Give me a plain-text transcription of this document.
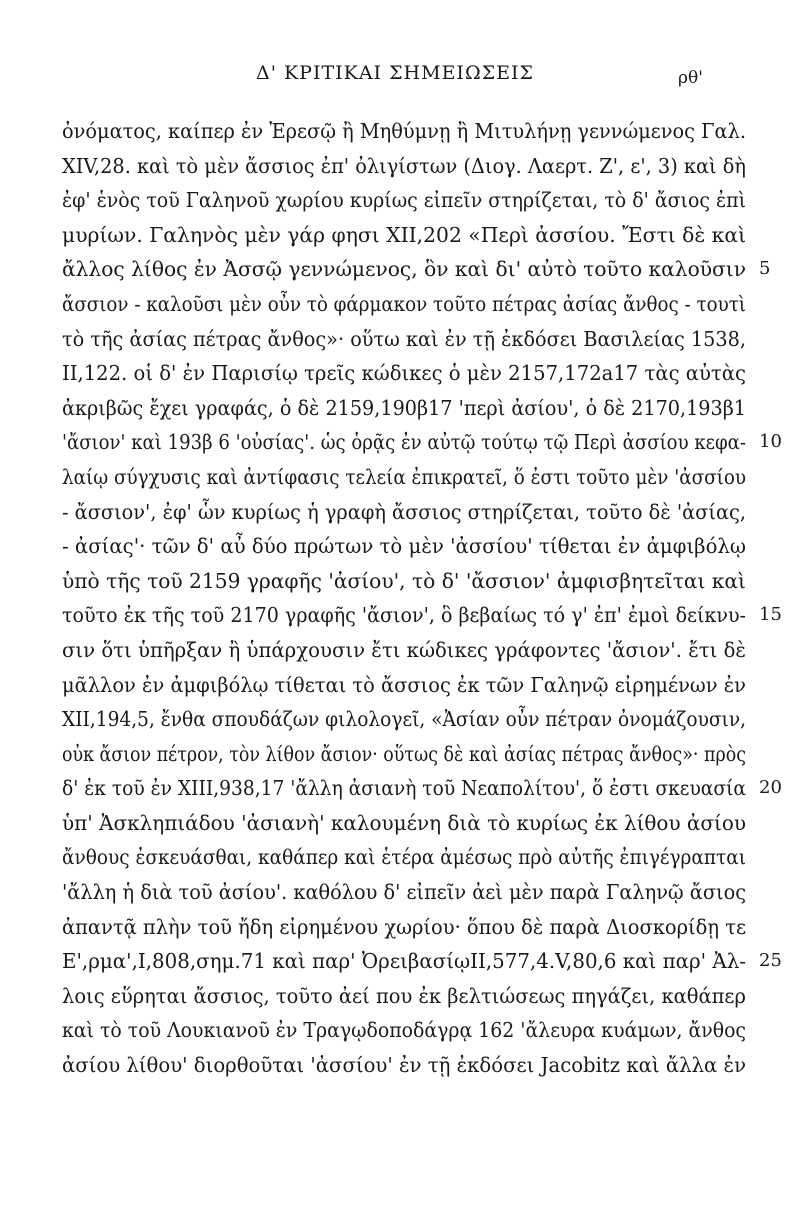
Δ' ΚΡΙΤΙΚΑΙ ΣΗΜΕΙΩΣΕΙΣ	ρθ'
ὀνόματος, καίπερ ἐν Ἐρεσῷ ἢ Μηθύμνῃ ἢ Μιτυλήνῃ γεννώμενος Γαλ.
XIV,28. καὶ τὸ μὲν ἄσσιος ἐπ' ὀλιγίστων (Διογ. Λαερτ. Ζ', ε', 3) καὶ δὴ
ἐφ' ἑνὸς τοῦ Γαληνοῦ χωρίου κυρίως εἰπεῖν στηρίζεται, τὸ δ' ἄσιος ἐπὶ
μυρίων. Γαληνὸς μὲν γάρ φησι XII,202 «Περὶ ἀσσίου. Ἔστι δὲ καὶ
ἄλλος λίθος ἐν Ἀσσῷ γεννώμενος, ὃν καὶ δι' αὐτὸ τοῦτο καλοῦσιν 5
ἄσσιον - καλοῦσι μὲν οὖν τὸ φάρμακον τοῦτο πέτρας ἀσίας ἄνθος - τουτὶ
τὸ τῆς ἀσίας πέτρας ἄνθος»· οὕτω καὶ ἐν τῇ ἐκδόσει Βασιλείας 1538,
II,122. οἱ δ' ἐν Παρισίῳ τρεῖς κώδικες ὁ μὲν 2157,172a17 τὰς αὐτὰς
ἀκριβῶς ἔχει γραφάς, ὁ δὲ 2159,190β17 'περὶ ἀσίου', ὁ δὲ 2170,193β1
'ἄσιον' καὶ 193β 6 'οὐσίας'. ὡς ὁρᾷς ἐν αὐτῷ τούτῳ τῷ Περὶ ἀσσίου κεφα- 10
λαίῳ σύγχυσις καὶ ἀντίφασις τελεία ἐπικρατεῖ, ὅ ἐστι τοῦτο μὲν 'ἀσσίου
- ἄσσιον', ἐφ' ὧν κυρίως ἡ γραφὴ ἄσσιος στηρίζεται, τοῦτο δὲ 'ἀσίας,
- ἀσίας'· τῶν δ' αὖ δύο πρώτων τὸ μὲν 'ἀσσίου' τίθεται ἐν ἀμφιβόλῳ
ὑπὸ τῆς τοῦ 2159 γραφῆς 'ἀσίου', τὸ δ' 'ἄσσιον' ἀμφισβητεῖται καὶ
τοῦτο ἐκ τῆς τοῦ 2170 γραφῆς 'ἄσιον', ὃ βεβαίως τό γ' ἐπ' ἐμοὶ δείκνυ- 15
σιν ὅτι ὑπῆρξαν ἢ ὑπάρχουσιν ἔτι κώδικες γράφοντες 'ἄσιον'. ἔτι δὲ
μᾶλλον ἐν ἀμφιβόλῳ τίθεται τὸ ἄσσιος ἐκ τῶν Γαληνῷ εἰρημένων ἐν
XII,194,5, ἔνθα σπουδάζων φιλολογεῖ, «Ἀσίαν οὖν πέτραν ὀνομάζουσιν,
οὐκ ἄσιον πέτρον, τὸν λίθον ἄσιον· οὕτως δὲ καὶ ἀσίας πέτρας ἄνθος»· πρὸς
δ' ἐκ τοῦ ἐν XIII,938,17 'ἄλλη ἀσιανὴ τοῦ Νεαπολίτου', ὅ ἐστι σκευασία 20
ὑπ' Ἀσκληπιάδου 'ἀσιανὴ' καλουμένη διὰ τὸ κυρίως ἐκ λίθου ἀσίου
ἄνθους ἐσκευάσθαι, καθάπερ καὶ ἑτέρα ἀμέσως πρὸ αὐτῆς ἐπιγέγραπται
'ἄλλη ἡ διὰ τοῦ ἀσίου'. καθόλου δ' εἰπεῖν ἀεὶ μὲν παρὰ Γαληνῷ ἄσιος
ἀπαντᾷ πλὴν τοῦ ἤδη εἰρημένου χωρίου· ὅπου δὲ παρὰ Διοσκορίδῃ τε
Ε',ρμα',Ι,808,σημ.71 καὶ παρ' ὈρειβασίῳII,577,4.V,80,6 καὶ παρ' Ἀλ- 25
λοις εὕρηται ἄσσιος, τοῦτο ἀεί που ἐκ βελτιώσεως πηγάζει, καθάπερ
καὶ τὸ τοῦ Λουκιανοῦ ἐν Τραγῳδοποδάγρᾳ 162 'ἄλευρα κυάμων, ἄνθος
ἀσίου λίθου' διορθοῦται 'ἀσσίου' ἐν τῇ ἐκδόσει Jacobitz καὶ ἄλλα ἐν
